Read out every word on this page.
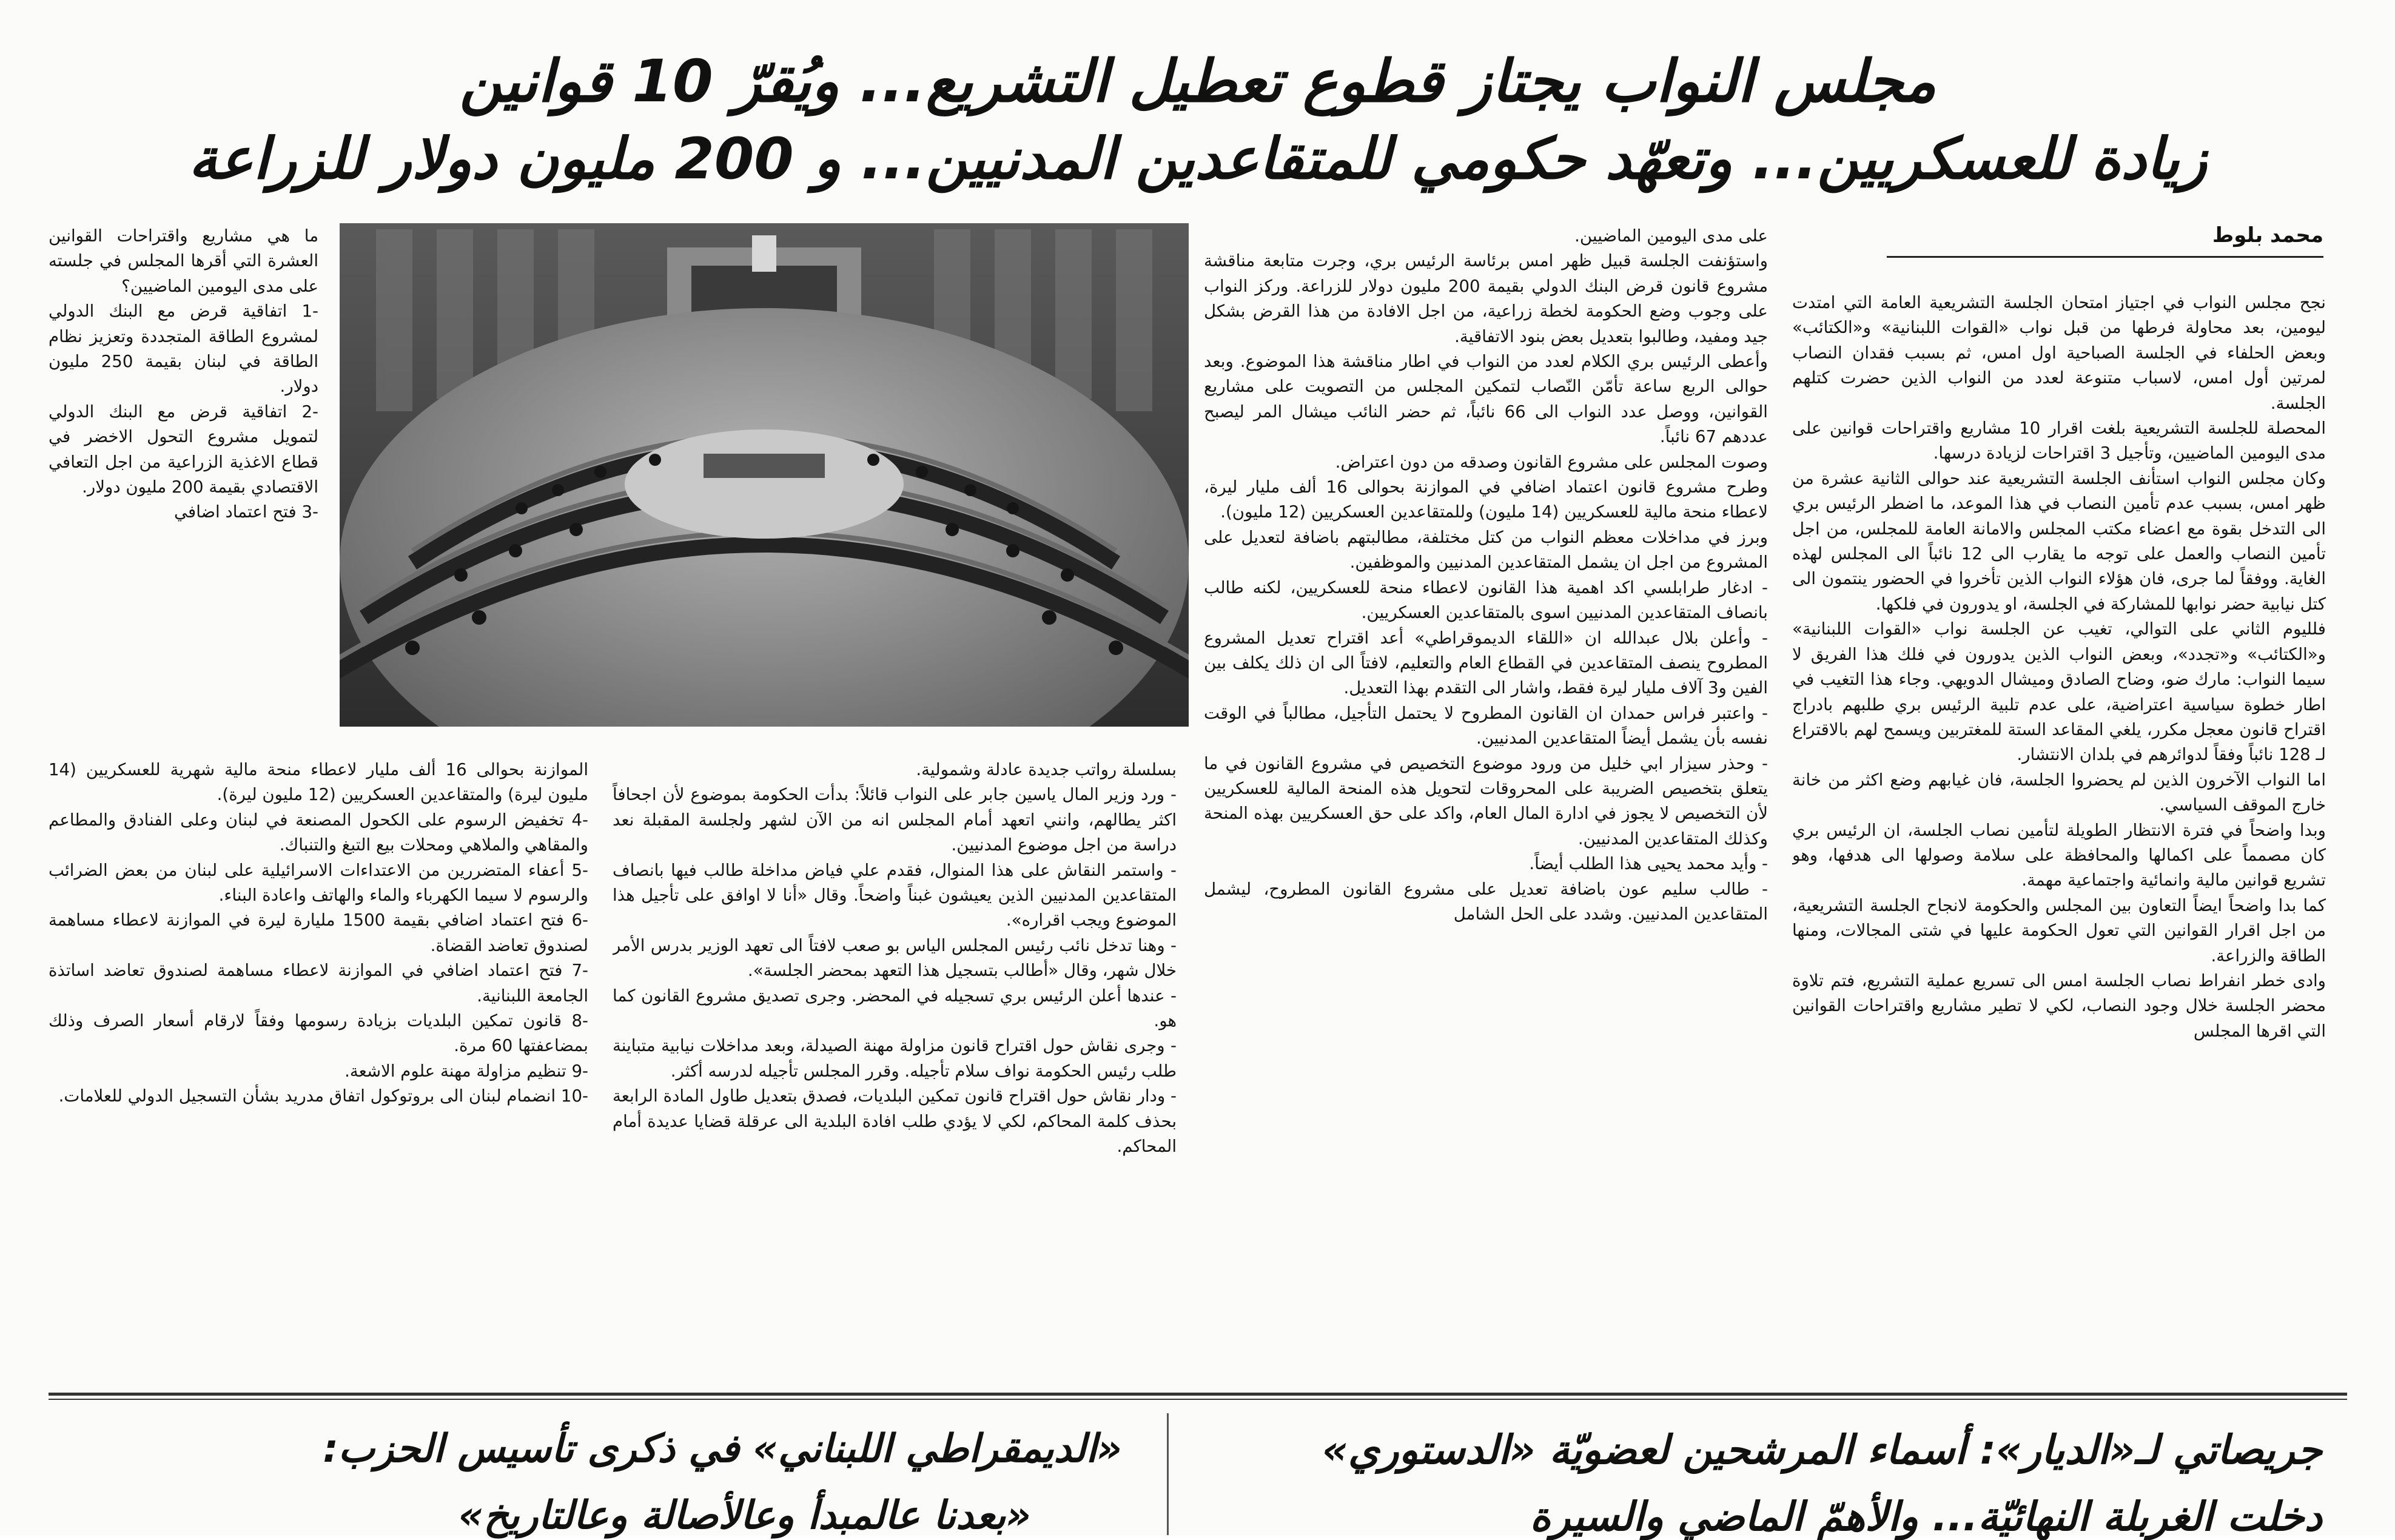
مجلس النواب يجتاز قطوع تعطيل التشريع... ويُقرّ 10 قوانين
زيادة للعسكريين... وتعهّد حكومي للمتقاعدين المدنيين... و 200 مليون دولار للزراعة
محمد بلوط
نجح مجلس النواب في اجتياز امتحان الجلسة التشريعية العامة التي امتدت ليومين، بعد محاولة فرطها من قبل نواب «القوات اللبنانية» و«الكتائب» وبعض الحلفاء في الجلسة الصباحية اول امس، ثم بسبب فقدان النصاب لمرتين أول امس، لاسباب متنوعة لعدد من النواب الذين حضرت كتلهم الجلسة.
المحصلة للجلسة التشريعية بلغت اقرار 10 مشاريع واقتراحات قوانين على مدى اليومين الماضيين، وتأجيل 3 اقتراحات لزيادة درسها.
وكان مجلس النواب استأنف الجلسة التشريعية عند حوالى الثانية عشرة من ظهر امس، بسبب عدم تأمين النصاب في هذا الموعد، ما اضطر الرئيس بري الى التدخل بقوة مع اعضاء مكتب المجلس والامانة العامة للمجلس، من اجل تأمين النصاب والعمل على توجه ما يقارب الى 12 نائباً الى المجلس لهذه الغاية. ووفقاً لما جرى، فان هؤلاء النواب الذين تأخروا في الحضور ينتمون الى كتل نيابية حضر نوابها للمشاركة في الجلسة، او يدورون في فلكها.
فلليوم الثاني على التوالي، تغيب عن الجلسة نواب «القوات اللبنانية» و«الكتائب» و«تجدد»، وبعض النواب الذين يدورون في فلك هذا الفريق لا سيما النواب: مارك ضو، وضاح الصادق وميشال الدويهي. وجاء هذا التغيب في اطار خطوة سياسية اعتراضية، على عدم تلبية الرئيس بري طلبهم بادراج اقتراح قانون معجل مكرر، يلغي المقاعد الستة للمغتربين ويسمح لهم بالاقتراع لـ 128 نائباً وفقاً لدوائرهم في بلدان الانتشار.
اما النواب الآخرون الذين لم يحضروا الجلسة، فان غيابهم وضع اكثر من خانة خارج الموقف السياسي.
وبدا واضحاً في فترة الانتظار الطويلة لتأمين نصاب الجلسة، ان الرئيس بري كان مصمماً على اكمالها والمحافظة على سلامة وصولها الى هدفها، وهو تشريع قوانين مالية وانمائية واجتماعية مهمة.
كما بدا واضحاً ايضاً التعاون بين المجلس والحكومة لانجاح الجلسة التشريعية، من اجل اقرار القوانين التي تعول الحكومة عليها في شتى المجالات، ومنها الطاقة والزراعة.
وادى خطر انفراط نصاب الجلسة امس الى تسريع عملية التشريع، فتم تلاوة محضر الجلسة خلال وجود النصاب، لكي لا تطير مشاريع واقتراحات القوانين التي اقرها المجلس
على مدى اليومين الماضيين.
واستؤنفت الجلسة قبيل ظهر امس برئاسة الرئيس بري، وجرت متابعة مناقشة مشروع قانون قرض البنك الدولي بقيمة 200 مليون دولار للزراعة. وركز النواب على وجوب وضع الحكومة لخطة زراعية، من اجل الافادة من هذا القرض بشكل جيد ومفيد، وطالبوا بتعديل بعض بنود الاتفاقية.
وأعطى الرئيس بري الكلام لعدد من النواب في اطار مناقشة هذا الموضوع. وبعد حوالى الربع ساعة تأمّن النّصاب لتمكين المجلس من التصويت على مشاريع القوانين، ووصل عدد النواب الى 66 نائباً، ثم حضر النائب ميشال المر ليصبح عددهم 67 نائباً.
وصوت المجلس على مشروع القانون وصدقه من دون اعتراض.
وطرح مشروع قانون اعتماد اضافي في الموازنة بحوالى 16 ألف مليار ليرة، لاعطاء منحة مالية للعسكريين (14 مليون) وللمتقاعدين العسكريين (12 مليون).
وبرز في مداخلات معظم النواب من كتل مختلفة، مطالبتهم باضافة لتعديل على المشروع من اجل ان يشمل المتقاعدين المدنيين والموظفين.
- ادغار طرابلسي اكد اهمية هذا القانون لاعطاء منحة للعسكريين، لكنه طالب بانصاف المتقاعدين المدنيين اسوى بالمتقاعدين العسكريين.
- وأعلن بلال عبدالله ان «اللقاء الديموقراطي» أعد اقتراح تعديل المشروع المطروح ينصف المتقاعدين في القطاع العام والتعليم، لافتاً الى ان ذلك يكلف بين الفين و3 آلاف مليار ليرة فقط، واشار الى التقدم بهذا التعديل.
- واعتبر فراس حمدان ان القانون المطروح لا يحتمل التأجيل، مطالباً في الوقت نفسه بأن يشمل أيضاً المتقاعدين المدنيين.
- وحذر سيزار ابي خليل من ورود موضوع التخصيص في مشروع القانون في ما يتعلق بتخصيص الضريبة على المحروقات لتحويل هذه المنحة المالية للعسكريين لأن التخصيص لا يجوز في ادارة المال العام، واكد على حق العسكريين بهذه المنحة وكذلك المتقاعدين المدنيين.
- وأيد محمد يحيى هذا الطلب أيضاً.
- طالب سليم عون باضافة تعديل على مشروع القانون المطروح، ليشمل المتقاعدين المدنيين. وشدد على الحل الشامل
بسلسلة رواتب جديدة عادلة وشمولية.
- ورد وزير المال ياسين جابر على النواب قائلاً: بدأت الحكومة بموضوع لأن اجحافاً اكثر يطالهم، وانني اتعهد أمام المجلس انه من الآن لشهر ولجلسة المقبلة نعد دراسة من اجل موضوع المدنيين.
- واستمر النقاش على هذا المنوال، فقدم علي فياض مداخلة طالب فيها بانصاف المتقاعدين المدنيين الذين يعيشون غبناً واضحاً. وقال «أنا لا اوافق على تأجيل هذا الموضوع ويجب اقراره».
- وهنا تدخل نائب رئيس المجلس الياس بو صعب لافتاً الى تعهد الوزير بدرس الأمر خلال شهر، وقال «أطالب بتسجيل هذا التعهد بمحضر الجلسة».
- عندها أعلن الرئيس بري تسجيله في المحضر. وجرى تصديق مشروع القانون كما هو.
- وجرى نقاش حول اقتراح قانون مزاولة مهنة الصيدلة، وبعد مداخلات نيابية متباينة طلب رئيس الحكومة نواف سلام تأجيله. وقرر المجلس تأجيله لدرسه أكثر.
- ودار نقاش حول اقتراح قانون تمكين البلديات، فصدق بتعديل طاول المادة الرابعة بحذف كلمة المحاكم، لكي لا يؤدي طلب افادة البلدية الى عرقلة قضايا عديدة أمام المحاكم.
ما هي مشاريع واقتراحات القوانين العشرة التي أقرها المجلس في جلسته على مدى اليومين الماضيين؟
-1 اتفاقية قرض مع البنك الدولي لمشروع الطاقة المتجددة وتعزيز نظام الطاقة في لبنان بقيمة 250 مليون دولار.
-2 اتفاقية قرض مع البنك الدولي لتمويل مشروع التحول الاخضر في قطاع الاغذية الزراعية من اجل التعافي الاقتصادي بقيمة 200 مليون دولار.
-3 فتح اعتماد اضافي
الموازنة بحوالى 16 ألف مليار لاعطاء منحة مالية شهرية للعسكريين (14 مليون ليرة) والمتقاعدين العسكريين (12 مليون ليرة).
-4 تخفيض الرسوم على الكحول المصنعة في لبنان وعلى الفنادق والمطاعم والمقاهي والملاهي ومحلات بيع التبغ والتنباك.
-5 أعفاء المتضررين من الاعتداءات الاسرائيلية على لبنان من بعض الضرائب والرسوم لا سيما الكهرباء والماء والهاتف واعادة البناء.
-6 فتح اعتماد اضافي بقيمة 1500 مليارة ليرة في الموازنة لاعطاء مساهمة لصندوق تعاضد القضاة.
-7 فتح اعتماد اضافي في الموازنة لاعطاء مساهمة لصندوق تعاضد اساتذة الجامعة اللبنانية.
-8 قانون تمكين البلديات بزيادة رسومها وفقاً لارقام أسعار الصرف وذلك بمضاعفتها 60 مرة.
-9 تنظيم مزاولة مهنة علوم الاشعة.
-10 انضمام لبنان الى بروتوكول اتفاق مدريد بشأن التسجيل الدولي للعلامات.
جريصاتي لـ«الديار»: أسماء المرشحين لعضويّة «الدستوري»
دخلت الغربلة النهائيّة... والأهمّ الماضي والسيرة
«الديمقراطي اللبناني» في ذكرى تأسيس الحزب:
«بعدنا عالمبدأ وعالأصالة وعالتاريخ»
